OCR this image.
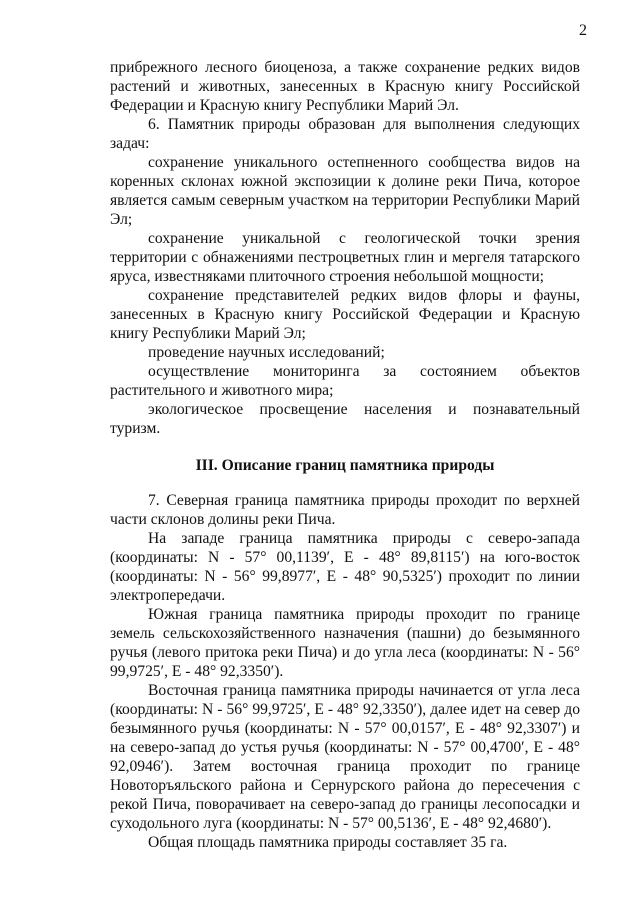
2

прибрежного лесного биоценоза, а также сохранение редких видов растений и животных, занесенных в Красную книгу Российской Федерации и Красную книгу Республики Марий Эл.

6. Памятник природы образован для выполнения следующих задач:

сохранение уникального остепненного сообщества видов на коренных склонах южной экспозиции к долине реки Пича, которое является самым северным участком на территории Республики Марий Эл;

сохранение уникальной с геологической точки зрения территории с обнажениями пестроцветных глин и мергеля татарского яруса, известняками плиточного строения небольшой мощности;

сохранение представителей редких видов флоры и фауны, занесенных в Красную книгу Российской Федерации и Красную книгу Республики Марий Эл;

проведение научных исследований;

осуществление мониторинга за состоянием объектов растительного и животного мира;

экологическое просвещение населения и познавательный туризм.

III. Описание границ памятника природы

7. Северная граница памятника природы проходит по верхней части склонов долины реки Пича.

На западе граница памятника природы с северо-запада (координаты: N - 57° 00,1139′, E - 48° 89,8115′) на юго-восток (координаты: N - 56° 99,8977′, E - 48° 90,5325′) проходит по линии электропередачи.

Южная граница памятника природы проходит по границе земель сельскохозяйственного назначения (пашни) до безымянного ручья (левого притока реки Пича) и до угла леса (координаты: N - 56° 99,9725′, E - 48° 92,3350′).

Восточная граница памятника природы начинается от угла леса (координаты: N - 56° 99,9725′, E - 48° 92,3350′), далее идет на север до безымянного ручья (координаты: N - 57° 00,0157′, E - 48° 92,3307′) и на северо-запад до устья ручья (координаты: N - 57° 00,4700′, E - 48° 92,0946′). Затем восточная граница проходит по границе Новоторъяльского района и Сернурского района до пересечения с рекой Пича, поворачивает на северо-запад до границы лесопосадки и суходольного луга (координаты: N - 57° 00,5136′, E - 48° 92,4680′).

Общая площадь памятника природы составляет 35 га.
